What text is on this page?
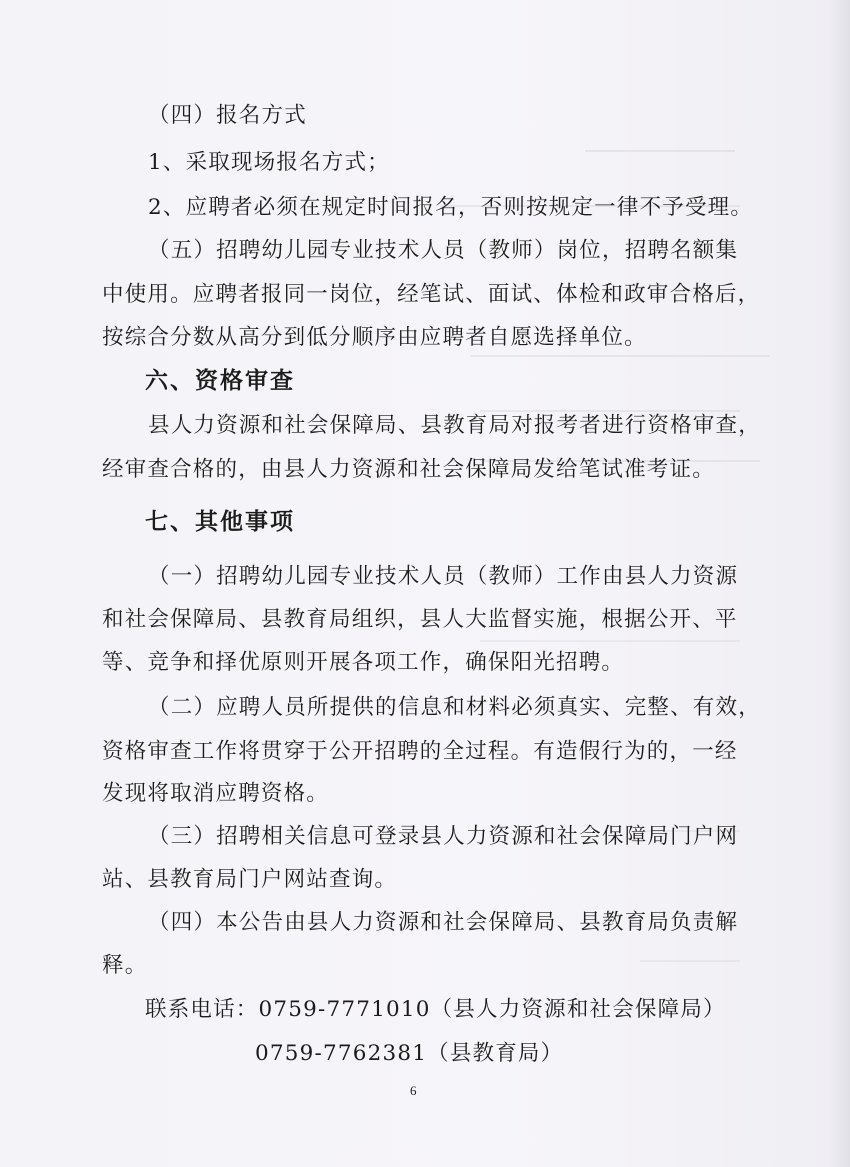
（四）报名方式
1、采取现场报名方式；
2、应聘者必须在规定时间报名，否则按规定一律不予受理。
（五）招聘幼儿园专业技术人员（教师）岗位，招聘名额集
中使用。应聘者报同一岗位，经笔试、面试、体检和政审合格后，
按综合分数从高分到低分顺序由应聘者自愿选择单位。
六、资格审查
县人力资源和社会保障局、县教育局对报考者进行资格审查，
经审查合格的，由县人力资源和社会保障局发给笔试准考证。
七、其他事项
（一）招聘幼儿园专业技术人员（教师）工作由县人力资源
和社会保障局、县教育局组织，县人大监督实施，根据公开、平
等、竞争和择优原则开展各项工作，确保阳光招聘。
（二）应聘人员所提供的信息和材料必须真实、完整、有效，
资格审查工作将贯穿于公开招聘的全过程。有造假行为的，一经
发现将取消应聘资格。
（三）招聘相关信息可登录县人力资源和社会保障局门户网
站、县教育局门户网站查询。
（四）本公告由县人力资源和社会保障局、县教育局负责解
释。
联系电话：0759-7771010（县人力资源和社会保障局）
0759-7762381（县教育局）
6
